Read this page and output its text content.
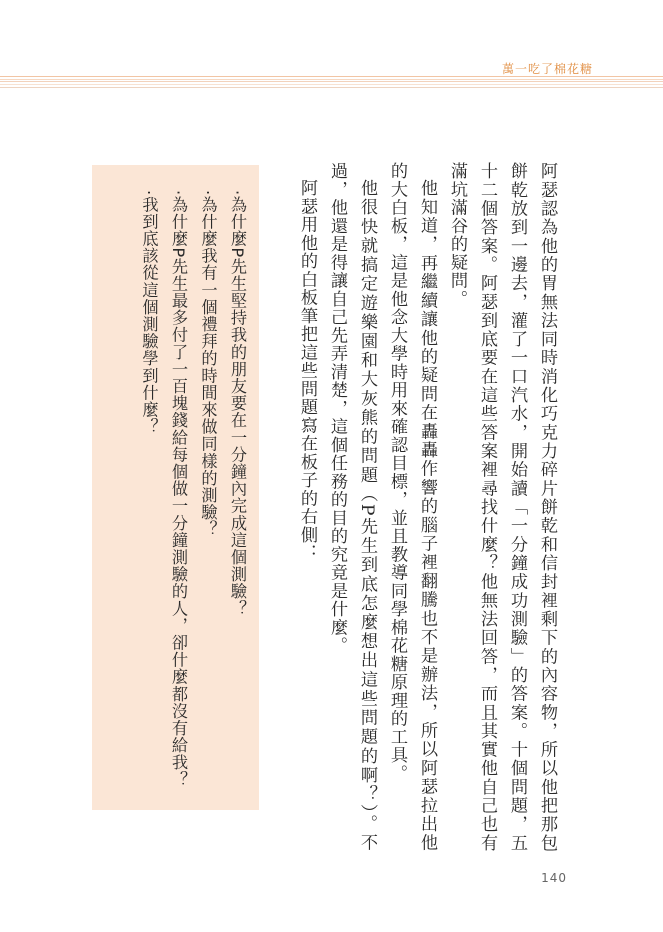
萬一吃了棉花糖

阿瑟認為他的胃無法同時消化巧克力碎片餅乾和信封裡剩下的內容物，所以他把那包餅乾放到一邊去，灌了一口汽水，開始讀「一分鐘成功測驗」的答案。十個問題，五十二個答案。阿瑟到底要在這些答案裡尋找什麼？他無法回答，而且其實他自己也有滿坑滿谷的疑問。

他知道，再繼續讓他的疑問在轟轟作響的腦子裡翻騰也不是辦法，所以阿瑟拉出他的大白板，這是他念大學時用來確認目標，並且教導同學棉花糖原理的工具。

他很快就搞定遊樂園和大灰熊的問題（P先生到底怎麼想出這些問題的啊？）。不過，他還是得讓自己先弄清楚，這個任務的目的究竟是什麼。

阿瑟用他的白板筆把這些問題寫在板子的右側：

·為什麼P先生堅持我的朋友要在一分鐘內完成這個測驗？

·為什麼我有一個禮拜的時間來做同樣的測驗？

·為什麼P先生最多付了一百塊錢給每個做一分鐘測驗的人，卻什麼都沒有給我？

·我到底該從這個測驗學到什麼？

140
